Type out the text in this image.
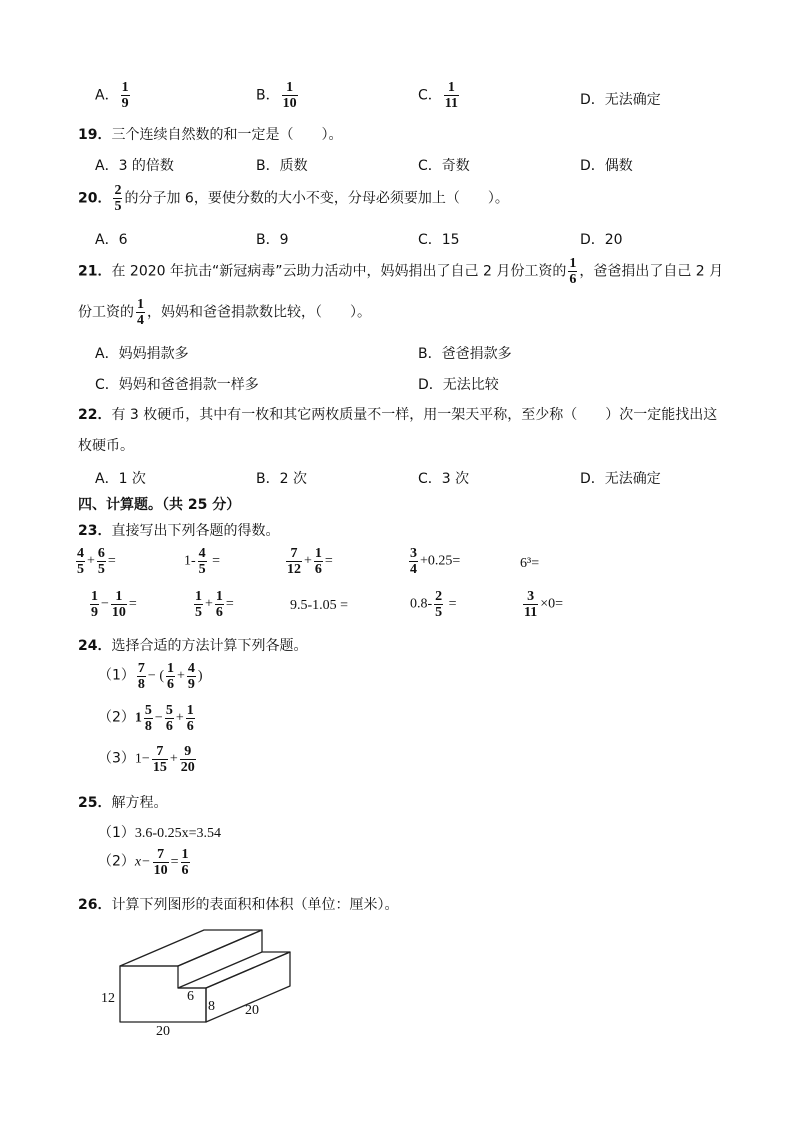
A． $\frac{1}{9}$	B． $\frac{1}{10}$	C． $\frac{1}{11}$	D．无法确定
19．三个连续自然数的和一定是（　　）。
A．3 的倍数	B．质数	C．奇数	D．偶数
20． $\frac{2}{5}$ 的分子加 6，要使分数的大小不变，分母必须要加上（　　）。
A．6	B．9	C．15	D．20
21．在 2020 年抗击“新冠病毒”云助力活动中，妈妈捐出了自己 2 月份工资的 $\frac{1}{6}$ ，爸爸捐出了自己 2 月
份工资的 $\frac{1}{4}$ ，妈妈和爸爸捐款数比较，（　　）。
A．妈妈捐款多	B．爸爸捐款多
C．妈妈和爸爸捐款一样多	D．无法比较
22．有 3 枚硬币，其中有一枚和其它两枚质量不一样，用一架天平称，至少称（　　）次一定能找出这
枚硬币。
A．1 次	B．2 次	C．3 次	D．无法确定
四、计算题。（共 25 分）
23．直接写出下列各题的得数。
$\frac{4}{5} + \frac{6}{5}$ =	$1- \frac{4}{5}$ =	$\frac{7}{12} + \frac{1}{6}$ =	$\frac{3}{4} +0.25=$	6³=
$\frac{1}{9} - \frac{1}{10}$ =	$\frac{1}{5} + \frac{1}{6}$ =	9.5-1.05 =	$0.8- \frac{2}{5}$ =	$\frac{3}{11} \times 0=$
24．选择合适的方法计算下列各题。
$(1) \frac{7}{8}$ − ( $\frac{1}{6} + \frac{4}{9}$ )
$(2)1 \frac{5}{8} - \frac{5}{6} + \frac{1}{6}$
$(3)1- \frac{7}{15} + \frac{9}{20}$
25．解方程。
（1）3.6-0.25x=3.54
$(2)x- \frac{7}{10} = \frac{1}{6}$
26．计算下列图形的表面积和体积（单位：厘米）。
12	6
8 20
20
